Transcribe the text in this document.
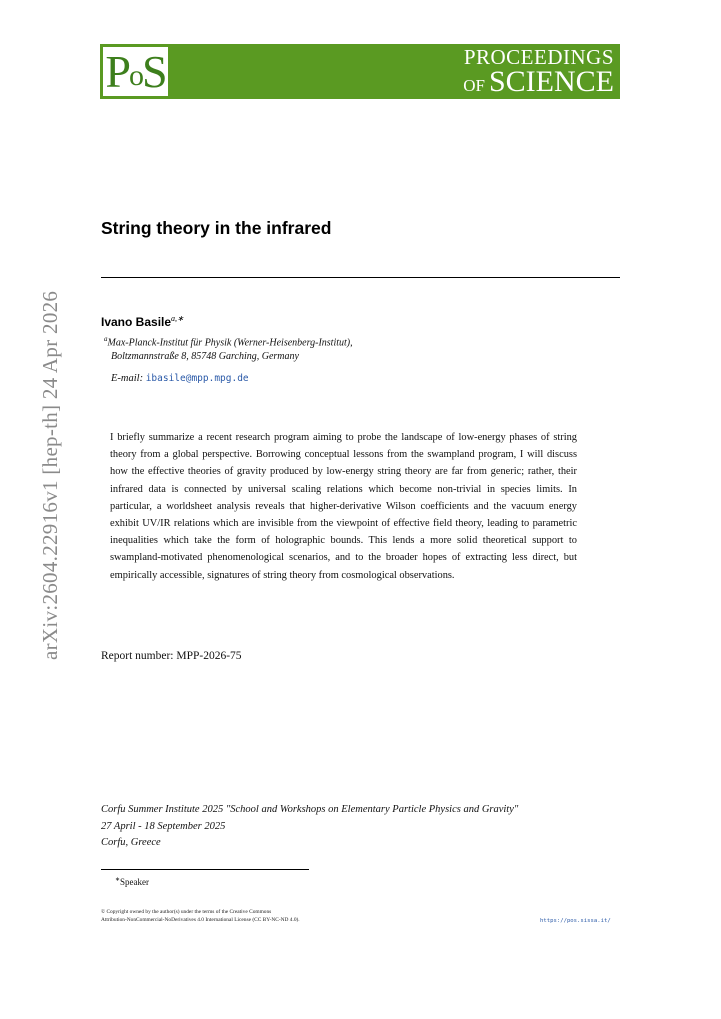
PoS	PROCEEDINGS
OF SCIENCE
arXiv:2604.22916v1 [hep-th] 24 Apr 2026
String theory in the infrared
Ivano Basile$^{a,∗}$
$^a$Max-Planck-Institut für Physik (Werner-Heisenberg-Institut),
Boltzmannstraße 8, 85748 Garching, Germany
E-mail: ibasile@mpp.mpg.de
I briefly summarize a recent research program aiming to probe the landscape of low-energy phases of string theory from a global perspective. Borrowing conceptual lessons from the swampland program, I will discuss how the effective theories of gravity produced by low-energy string theory are far from generic; rather, their infrared data is connected by universal scaling relations which become non-trivial in species limits. In particular, a worldsheet analysis reveals that higher-derivative Wilson coefficients and the vacuum energy exhibit UV/IR relations which are invisible from the viewpoint of effective field theory, leading to parametric inequalities which take the form of holographic bounds. This lends a more solid theoretical support to swampland-motivated phenomenological scenarios, and to the broader hopes of extracting less direct, but empirically accessible, signatures of string theory from cosmological observations.
Report number: MPP-2026-75
Corfu Summer Institute 2025 "School and Workshops on Elementary Particle Physics and Gravity"
27 April - 18 September 2025
Corfu, Greece
∗Speaker
© Copyright owned by the author(s) under the terms of the Creative Commons
Attribution-NonCommercial-NoDerivatives 4.0 International License (CC BY-NC-ND 4.0).	https://pos.sissa.it/
